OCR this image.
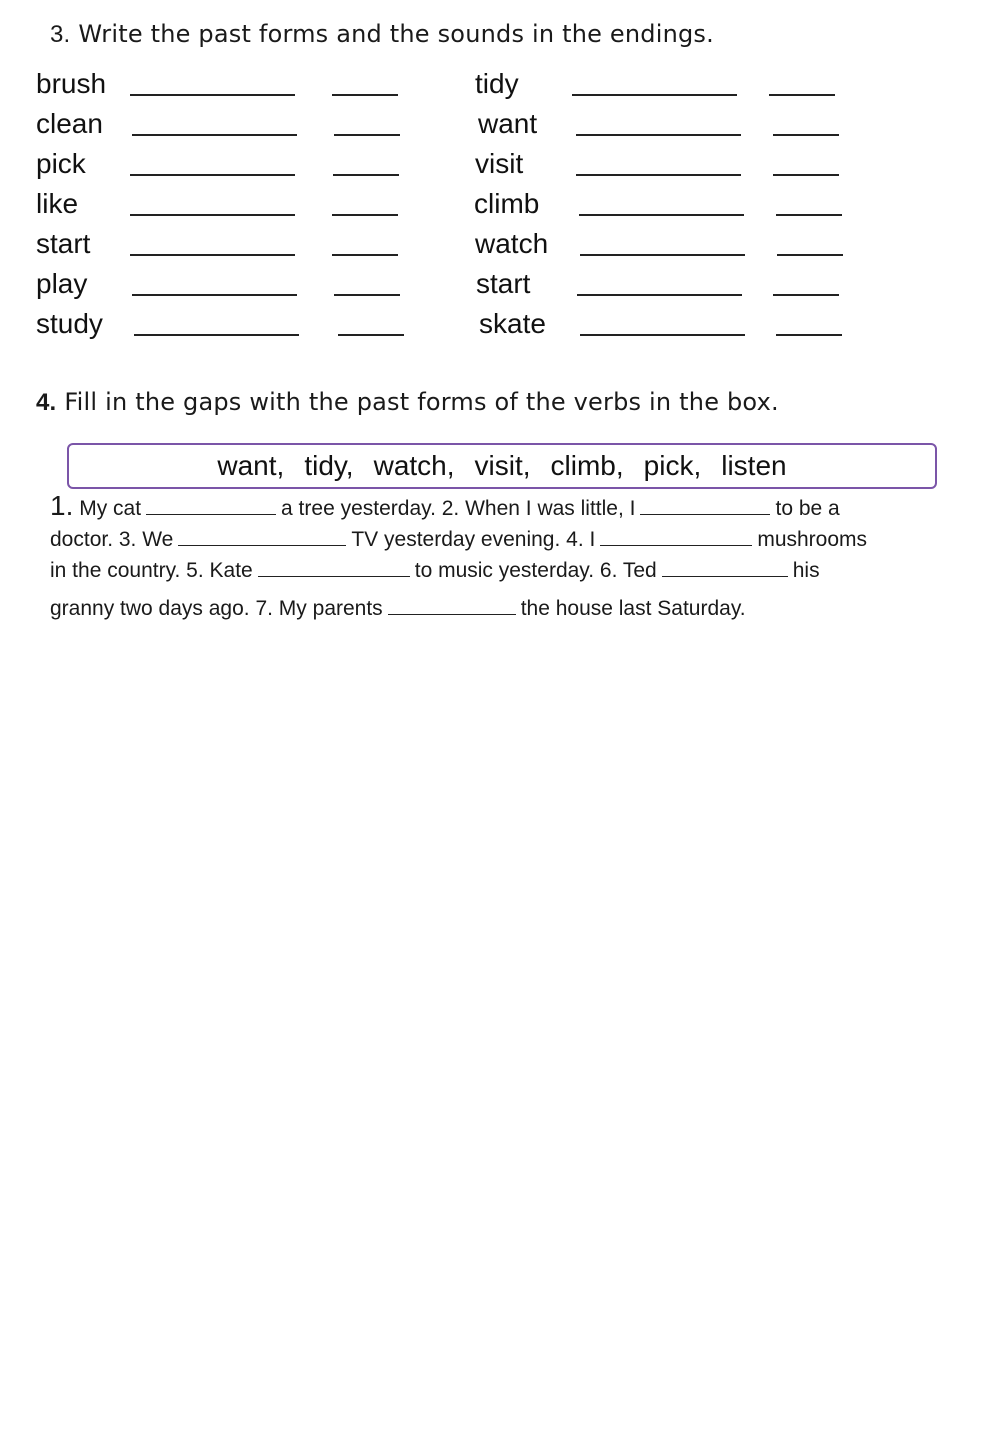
3. Write the past forms and the sounds in the endings.
brush
clean
pick
like
start
play
study
tidy
want
visit
climb
watch
start
skate
4. Fill in the gaps with the past forms of the verbs in the box.
want, tidy, watch, visit, climb, pick, listen
1. My cat	a tree yesterday. 2. When I was little, I	to be a
doctor. 3. We	TV yesterday evening. 4. I	mushrooms
in the country. 5. Kate	to music yesterday. 6. Ted	his
granny two days ago. 7. My parents	the house last Saturday.
